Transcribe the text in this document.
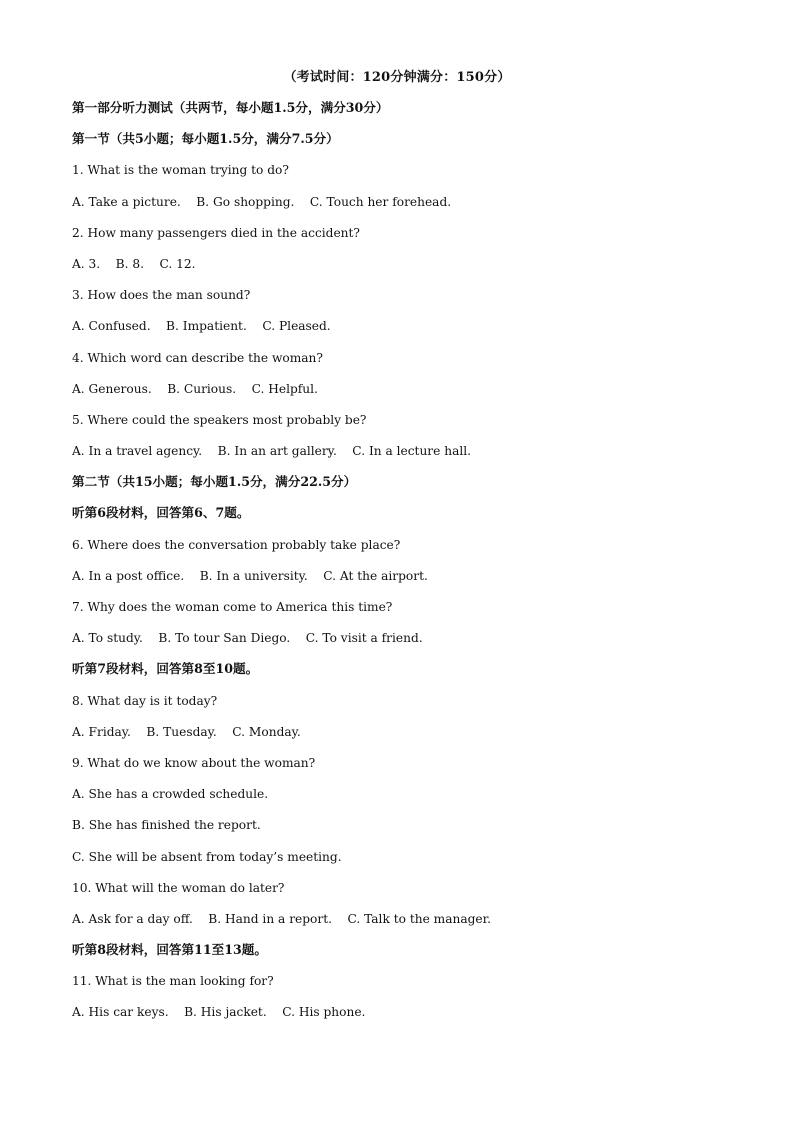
（考试时间：120分钟满分：150分）
第一部分听力测试（共两节，每小题1.5分，满分30分）
第一节（共5小题；每小题1.5分，满分7.5分）
1. What is the woman trying to do?
A. Take a picture.    B. Go shopping.    C. Touch her forehead.
2. How many passengers died in the accident?
A. 3.    B. 8.    C. 12.
3. How does the man sound?
A. Confused.    B. Impatient.    C. Pleased.
4. Which word can describe the woman?
A. Generous.    B. Curious.    C. Helpful.
5. Where could the speakers most probably be?
A. In a travel agency.    B. In an art gallery.    C. In a lecture hall.
第二节（共15小题；每小题1.5分，满分22.5分）
听第6段材料，回答第6、7题。
6. Where does the conversation probably take place?
A. In a post office.    B. In a university.    C. At the airport.
7. Why does the woman come to America this time?
A. To study.    B. To tour San Diego.    C. To visit a friend.
听第7段材料，回答第8至10题。
8. What day is it today?
A. Friday.    B. Tuesday.    C. Monday.
9. What do we know about the woman?
A. She has a crowded schedule.
B. She has finished the report.
C. She will be absent from today’s meeting.
10. What will the woman do later?
A. Ask for a day off.    B. Hand in a report.    C. Talk to the manager.
听第8段材料，回答第11至13题。
11. What is the man looking for?
A. His car keys.    B. His jacket.    C. His phone.
